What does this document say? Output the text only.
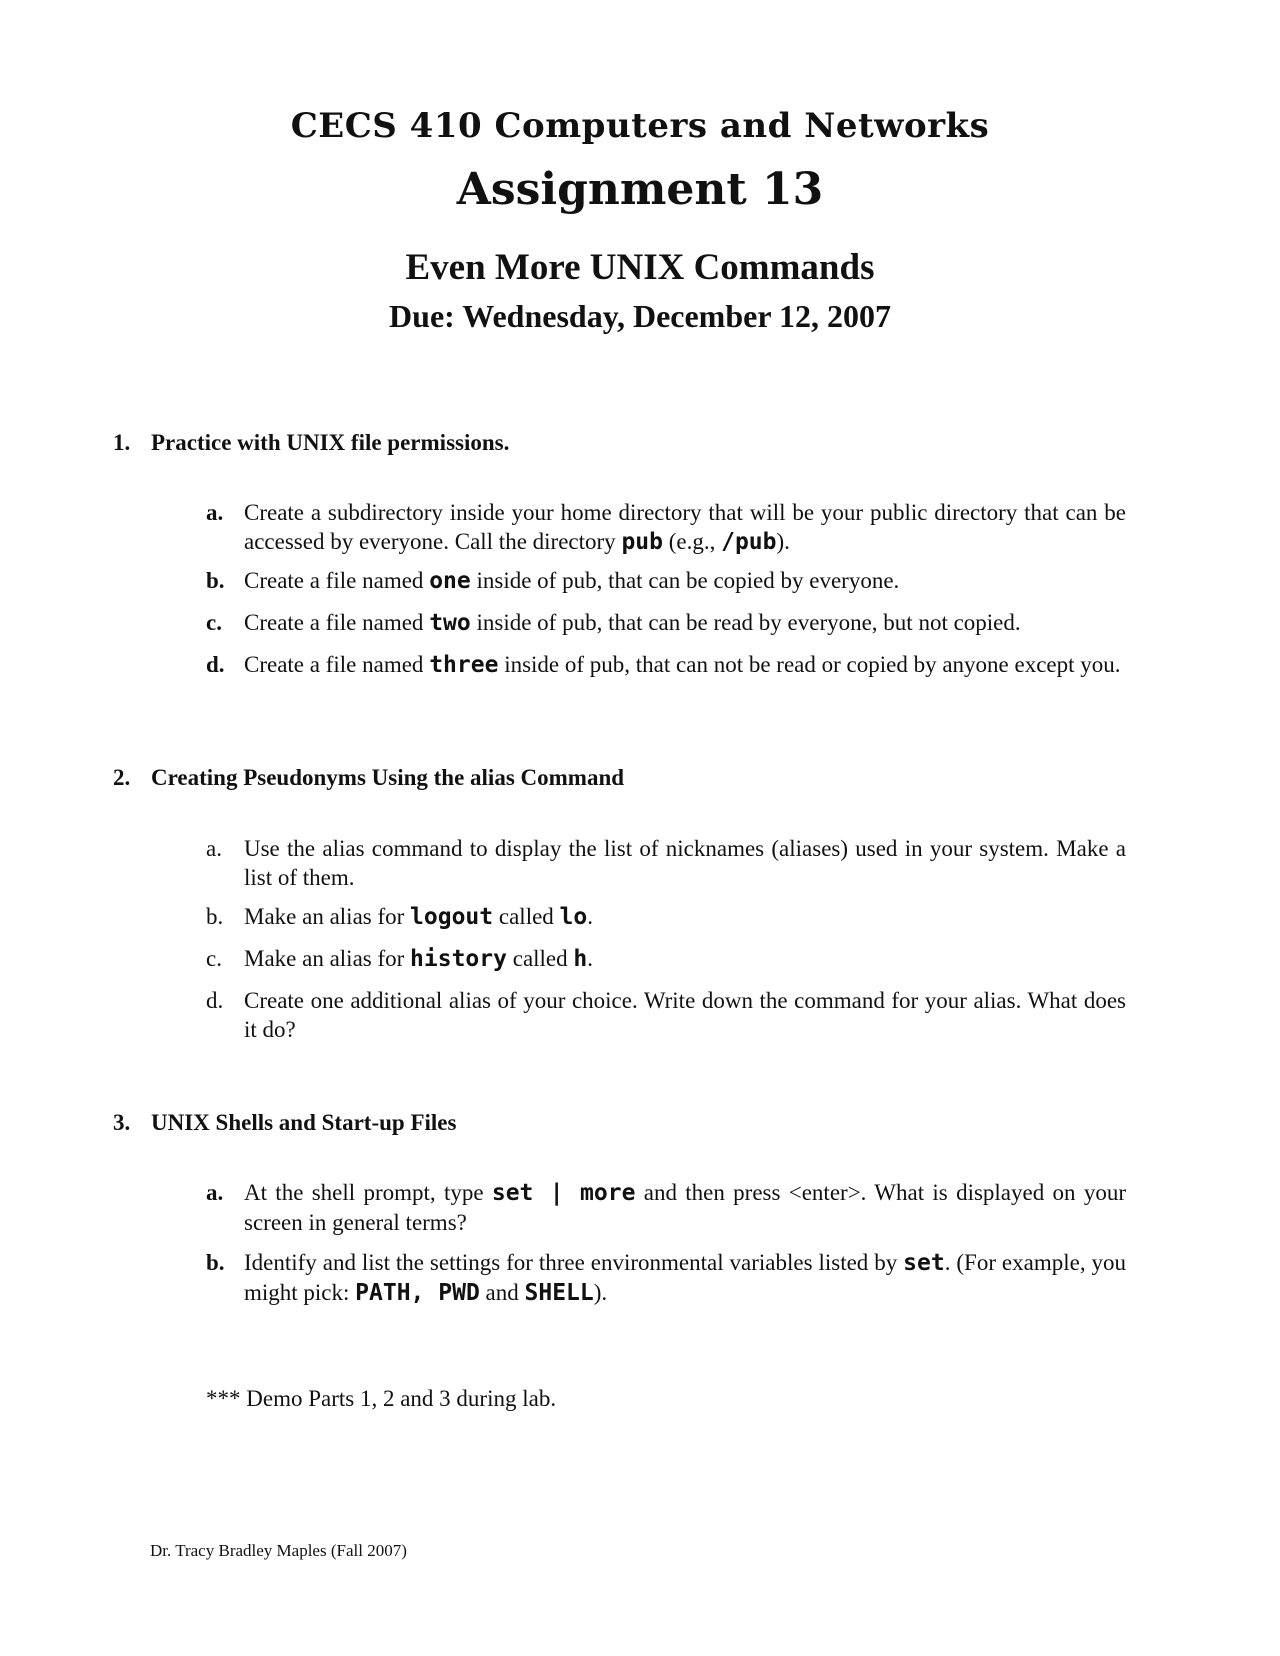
CECS 410 Computers and Networks
Assignment 13
Even More UNIX Commands
Due: Wednesday, December 12, 2007
1. Practice with UNIX file permissions.
a. Create a subdirectory inside your home directory that will be your public directory that can be accessed by everyone. Call the directory pub (e.g., /pub).
b. Create a file named one inside of pub, that can be copied by everyone.
c. Create a file named two inside of pub, that can be read by everyone, but not copied.
d. Create a file named three inside of pub, that can not be read or copied by anyone except you.
2. Creating Pseudonyms Using the alias Command
a. Use the alias command to display the list of nicknames (aliases) used in your system. Make a list of them.
b. Make an alias for logout called lo.
c. Make an alias for history called h.
d. Create one additional alias of your choice. Write down the command for your alias. What does it do?
3. UNIX Shells and Start-up Files
a. At the shell prompt, type set | more and then press <enter>. What is displayed on your screen in general terms?
b. Identify and list the settings for three environmental variables listed by set. (For example, you might pick: PATH, PWD and SHELL).
*** Demo Parts 1, 2 and 3 during lab.
Dr. Tracy Bradley Maples (Fall 2007)
